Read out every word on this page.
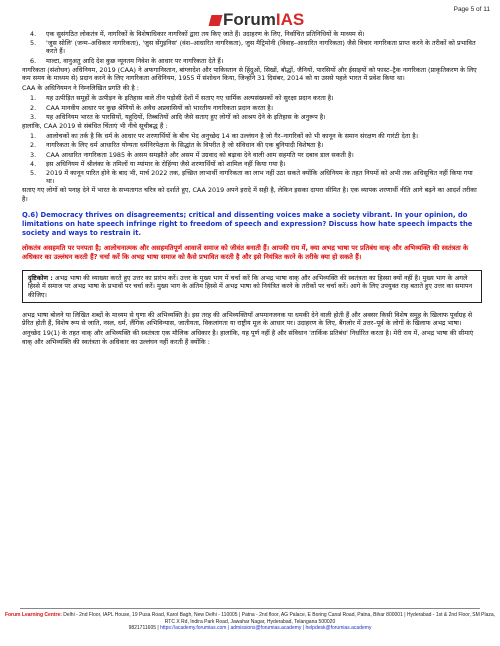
ForumIAS
Page 5 of 11
4.	एक सुसंगठित लोकतंत्र में, नागरिकों के विशेषाधिकार नागरिकों द्वारा तय किए जाते हैं। उदाहरण के लिए, निर्वाचित प्रतिनिधियों के माध्यम से।
5.	'जुस सोलि' (जन्म–अधिकार नागरिकता), 'जुस सेंगुइनिस' (वंश–आधारित नागरिकता), जुस मैट्रिमोनी (विवाह–आधारित नागरिकता) जैसे विचार नागरिकता प्राप्त करने के तरीकों को प्रभावित करते हैं।
6.	माल्टा, वानुअतु आदि देश कुछ न्यूनतम निवेश के आधार पर नागरिकता देते हैं।

नागरिकता (संशोधन) अधिनियम, 2019 (CAA) ने अफगानिस्तान, बांग्लादेश और पाकिस्तान से हिंदुओं, सिखों, बौद्धों, जैनियों, पारसियों और ईसाइयों को फास्ट–ट्रैक नागरिकता (प्राकृतिकरण के लिए कम समय के माध्यम से) प्रदान करने के लिए नागरिकता अधिनियम, 1955 में संशोधन किया, जिन्होंने 31 दिसंबर, 2014 को या उससे पहले भारत में प्रवेश किया था।

CAA के अधिनियमन ने निम्नलिखित प्रगति की है :

1.	यह उत्पीड़ित समूहों के उत्पीड़न के इतिहास वाले तीन पड़ोसी देशों में सताए गए धार्मिक अल्पसंख्यकों को सुरक्षा प्रदान करता है।
2.	CAA मानवीय आधार पर कुछ श्रेणियों के अवैध अप्रवासियों को भारतीय नागरिकता प्रदान करता है।
3.	यह अधिनियम भारत के पारसियों, यहूदियों, तिब्बतियों आदि जैसे सताए हुए लोगों को आश्रय देने के इतिहास के अनुरूप है।

हालांकि, CAA 2019 से संबंधित चिंताएं भी नीचे सूचीबद्ध हैं :

1.	आलोचकों का तर्क है कि धर्म के आधार पर शरणार्थियों के बीच भेद अनुच्छेद 14 का उल्लंघन है जो गैर–नागरिकों को भी कानून के समान संरक्षण की गारंटी देता है।
2.	नागरिकता के लिए धर्म आधारित योग्यता धर्मनिरपेक्षता के सिद्धांत के विपरीत है जो संविधान की एक बुनियादी विशेषता है।
3.	CAA आधारित नागरिकता 1985 के असम समझौते और असम में उग्रवाद को बढ़ावा देने वाली आम सहमति पर दबाव डाल सकती है।
4.	इस अधिनियम में श्रीलंका के तमिलों या म्यांमार के रोहिंग्या जैसे शरणार्थियों को शामिल नहीं किया गया है।
5.	2019 में कानून पारित होने के बाद भी, मार्च 2022 तक, इच्छित लाभार्थी नागरिकता का लाभ नहीं उठा सकते क्योंकि अधिनियम के तहत नियमों को अभी तक अधिसूचित नहीं किया गया था।

सताए गए लोगों को पनाह देने में भारत के सभ्यतागत चरित्र को दर्शाते हुए, CAA 2019 अपने इरादे में सही है, लेकिन इसका दायरा सीमित है। एक व्यापक शरणार्थी नीति आगे बढ़ने का आदर्श तरीका है।

Q.6) Democracy thrives on disagreements; critical and dissenting voices make a society vibrant. In your opinion, do limitations on hate speech infringe right to freedom of speech and expression? Discuss how hate speech impacts the society and ways to restrain it.
लोकतंत्र असहमति पर पनपता है; आलोचनात्मक और असहमतिपूर्ण आवाजें समाज को जीवंत बनाती हैं। आपकी राय में, क्या अभद्र भाषा पर प्रतिबंध वाक् और अभिव्यक्ति की स्वतंत्रता के अधिकार का उल्लंघन करती हैं? चर्चा करें कि अभद्र भाषा समाज को कैसे प्रभावित करती है और इसे नियंत्रित करने के तरीके क्या हो सकते हैं।
दृष्टिकोण : अभद्र भाषा की व्याख्या करते हुए उत्तर का प्रारंभ करें। उत्तर के मुख्य भाग में चर्चा करें कि अभद्र भाषा वाक् और अभिव्यक्ति की स्वतंत्रता का हिस्सा क्यों नहीं है। मुख्य भाग के अगले हिस्से में समाज पर अभद्र भाषा के प्रभावों पर चर्चा करें। मुख्य भाग के अंतिम हिस्से में अभद्र भाषा को नियंत्रित करने के तरीकों पर चर्चा करें। आगे के लिए उपयुक्त राह बताते हुए उत्तर का समापन कीजिए।

अभद्र भाषा बोलने या लिखित शब्दों के माध्यम से घृणा की अभिव्यक्ति है। इस तरह की अभिव्यक्तियाँ अपमानजनक या धमकी देने वाली होती हैं और अक्सर किसी विशेष समूह के खिलाफ पूर्वाग्रह से प्रेरित होती हैं, विशेष रूप से जाति, नस्ल, धर्म, लैंगिक अभिविन्यास, जातीयता, विकलांगता या राष्ट्रीय मूल के आधार पर। उदाहरण के लिए, बैंगलोर में उत्तर–पूर्व के लोगों के खिलाफ अभद्र भाषा।

अनुच्छेद 19(1) के तहत वाक् और अभिव्यक्ति की स्वतंत्रता एक मौलिक अधिकार है। हालांकि, यह पूर्ण नहीं है और संविधान 'तार्किक प्रतिबंध' निर्धारित करता है। मेरी राय में, अभद्र भाषा की सीमाएं वाक् और अभिव्यक्ति की स्वतंत्रता के अधिकार का उल्लंघन नहीं करती हैं क्योंकि :

Forum Learning Centre: Delhi - 2nd Floor, IAPL House, 19 Pusa Road, Karol Bagh, New Delhi - 110005 | Patna - 2nd floor, AG Palace, E Boring Canal Road, Patna, Bihar 800001 | Hyderabad - 1st & 2nd Floor, SM Plaza, RTC X Rd, Indira Park Road, Jawahar Nagar, Hyderabad, Telangana 500020
9821711605 | https://academy.forumias.com | admissions@forumias.academy | helpdesk@forumias.academy
